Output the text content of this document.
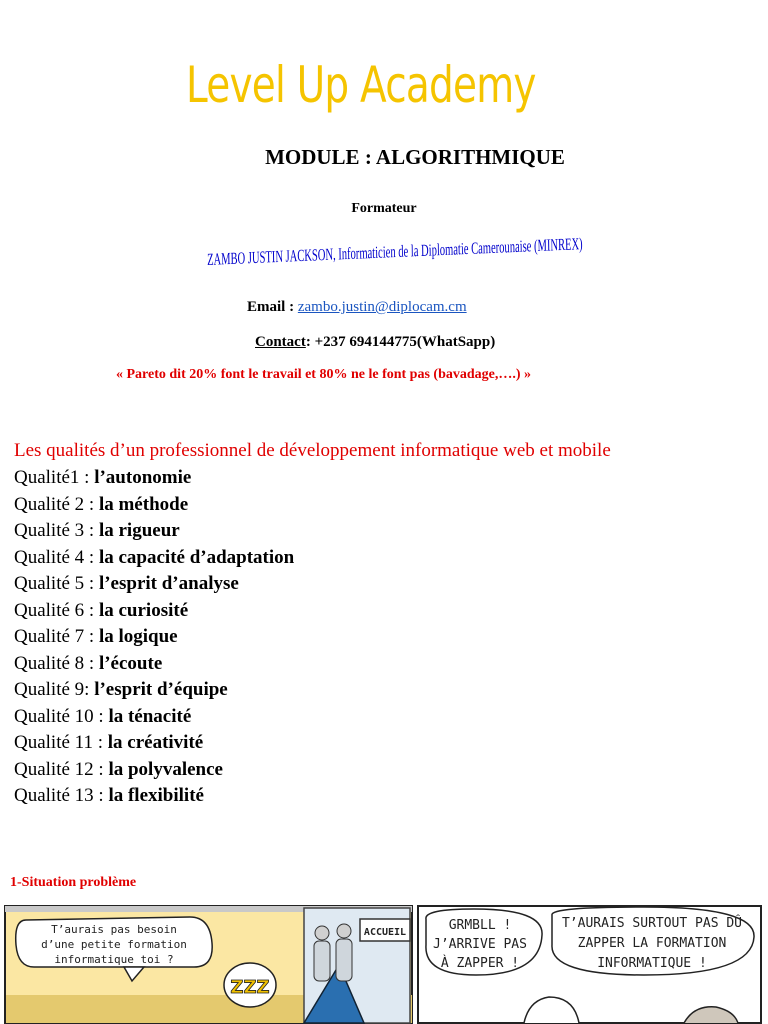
Level Up Academy
MODULE : ALGORITHMIQUE
Formateur
ZAMBO JUSTIN JACKSON, Informaticien de la Diplomatie Camerounaise (MINREX)
Email : zambo.justin@diplocam.cm
Contact: +237 694144775(WhatSapp)
« Pareto dit 20% font le travail et 80% ne le font pas (bavadage,….) »
Les qualités d’un professionnel de développement informatique web et mobile
Qualité1 : l’autonomie
Qualité 2 : la méthode
Qualité 3 : la rigueur
Qualité 4 : la capacité d’adaptation
Qualité 5 : l’esprit d’analyse
Qualité 6 : la curiosité
Qualité 7 : la logique
Qualité 8 : l’écoute
Qualité 9: l’esprit d’équipe
Qualité 10 : la ténacité
Qualité 11 : la créativité
Qualité 12 : la polyvalence
Qualité 13 : la flexibilité
1-Situation problème
ACCUEIL
T’aurais pas besoin
d’une petite formation
informatique toi ?
ZZZ
GRMBLL !
J’ARRIVE PAS
À ZAPPER !
T’AURAIS SURTOUT PAS DÛ
ZAPPER LA FORMATION
INFORMATIQUE !
